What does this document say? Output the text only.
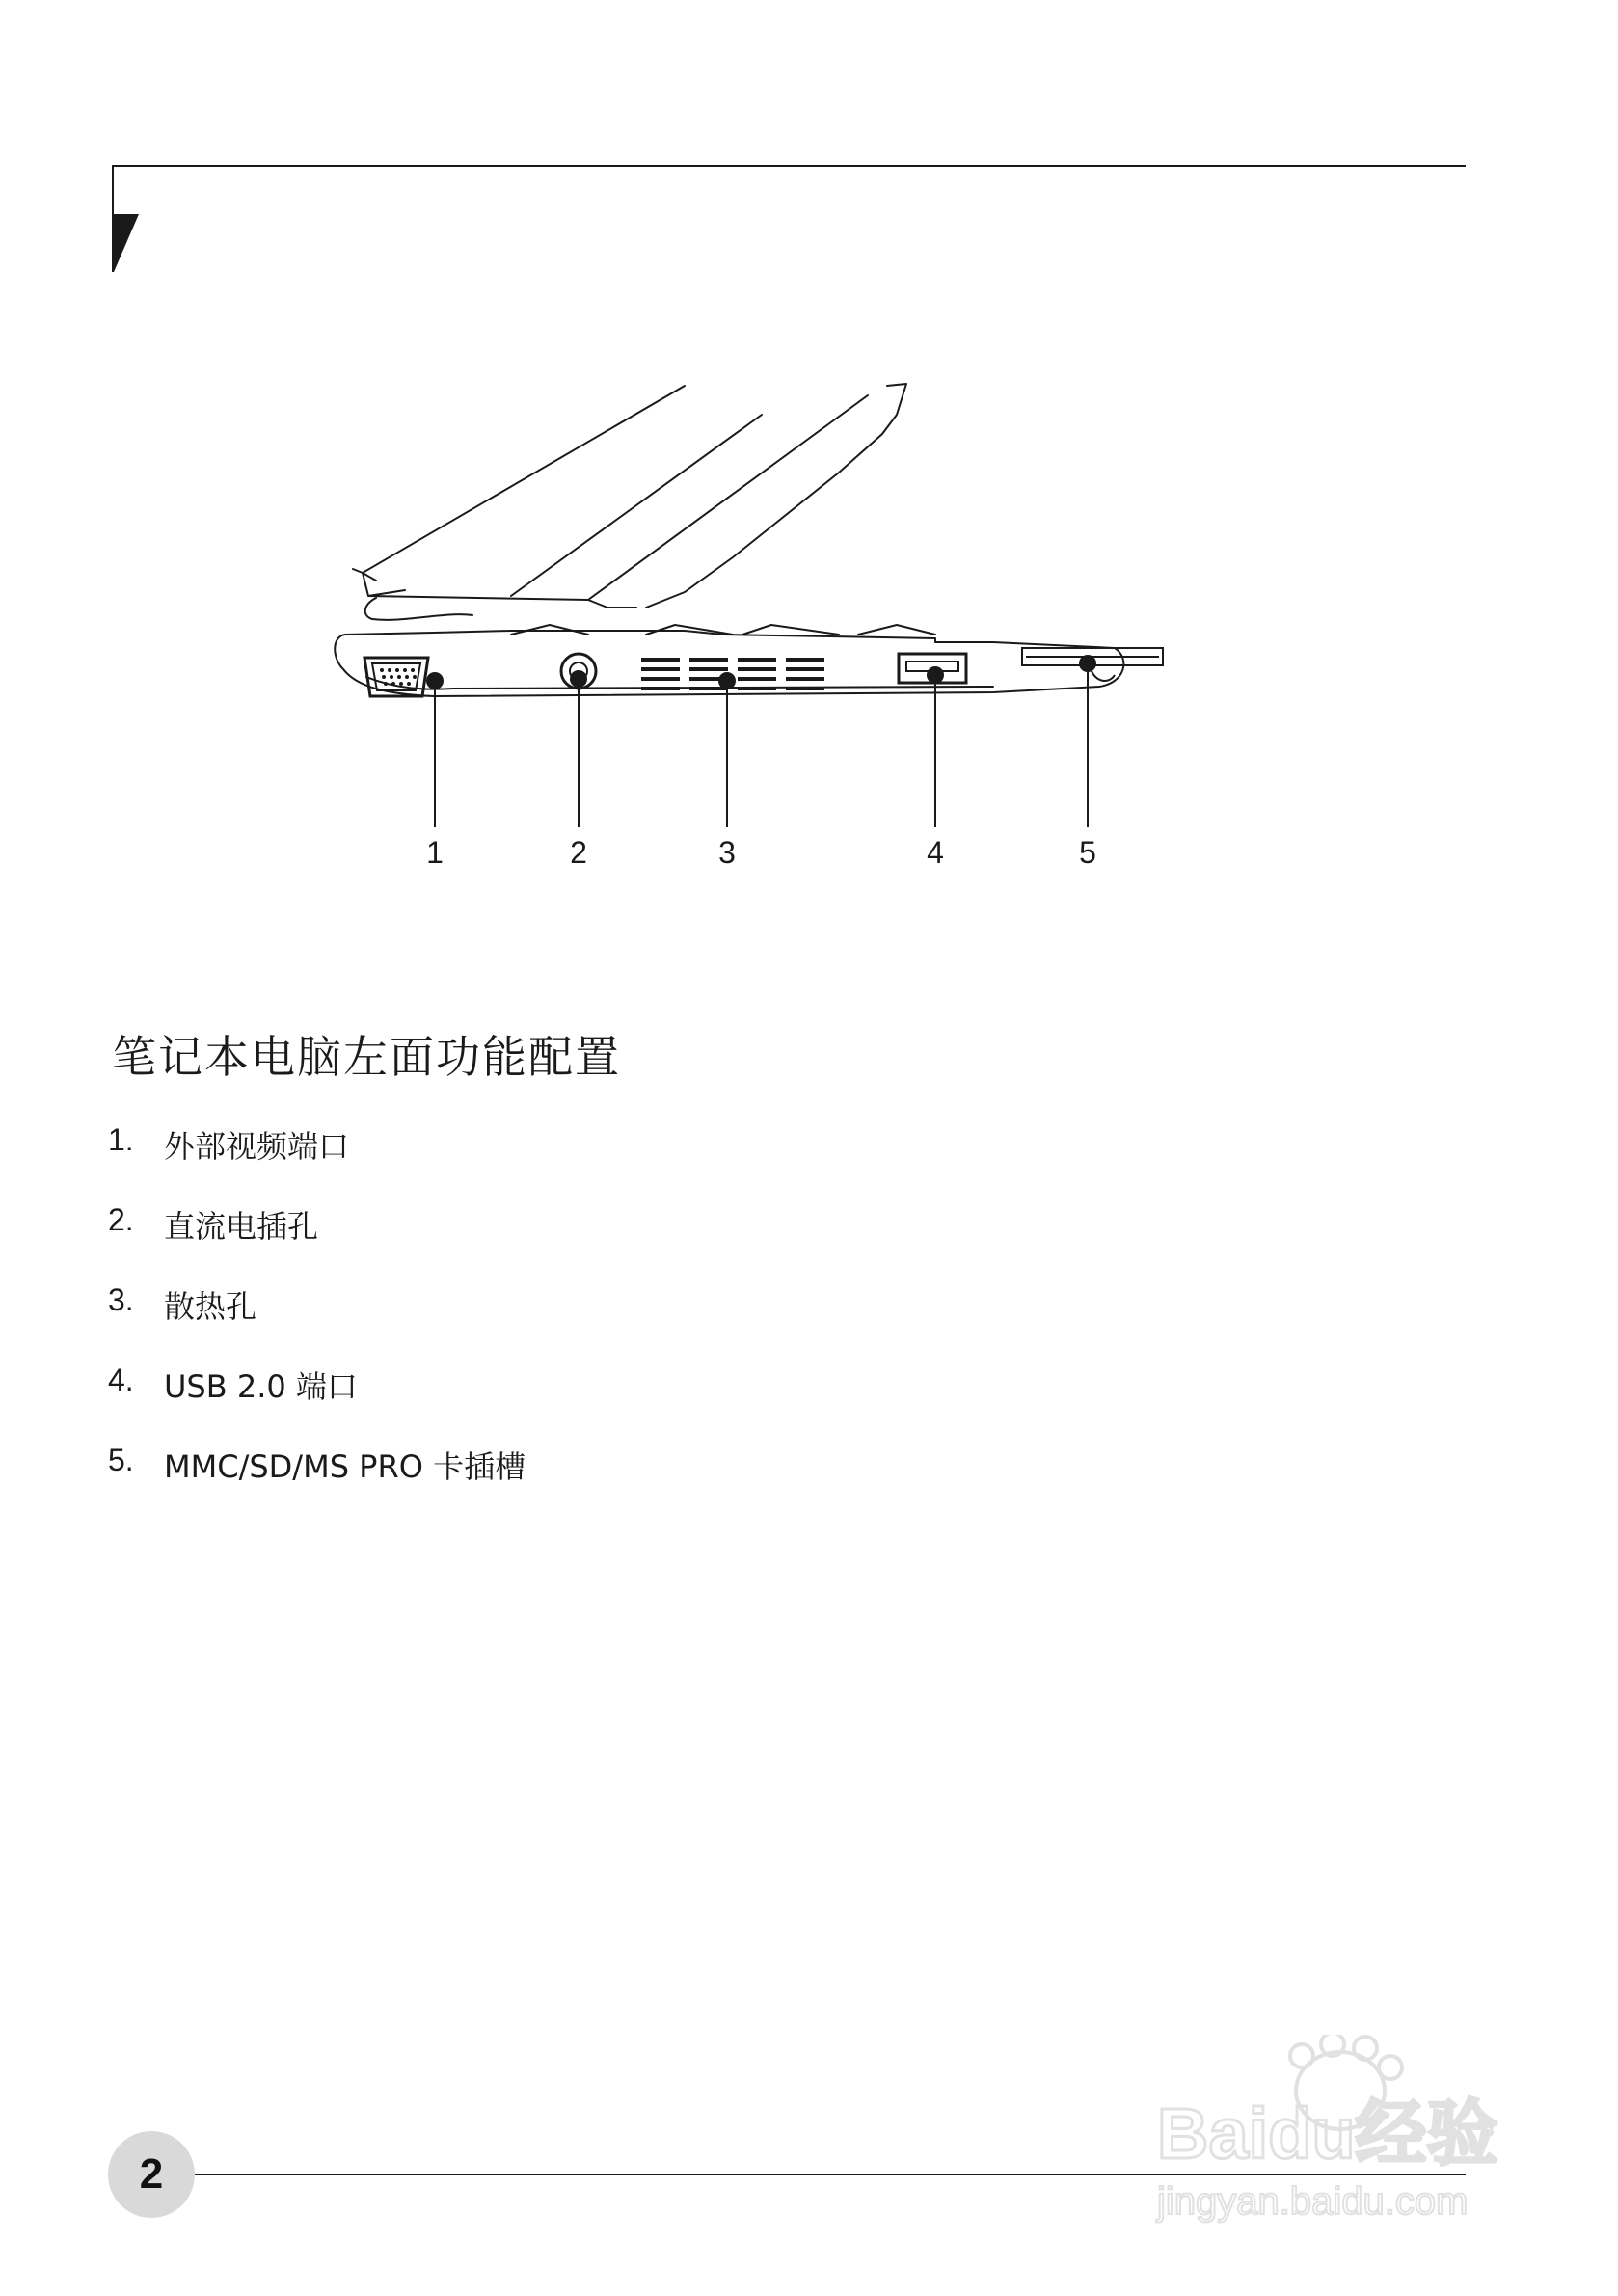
1	2	3	4	5
笔记本电脑左面功能配置
1. 外部视频端口
2. 直流电插孔
3. 散热孔
4. USB 2.0 端口
5. MMC/SD/MS PRO 卡插槽
2
Baidu经验
jingyan.baidu.com
